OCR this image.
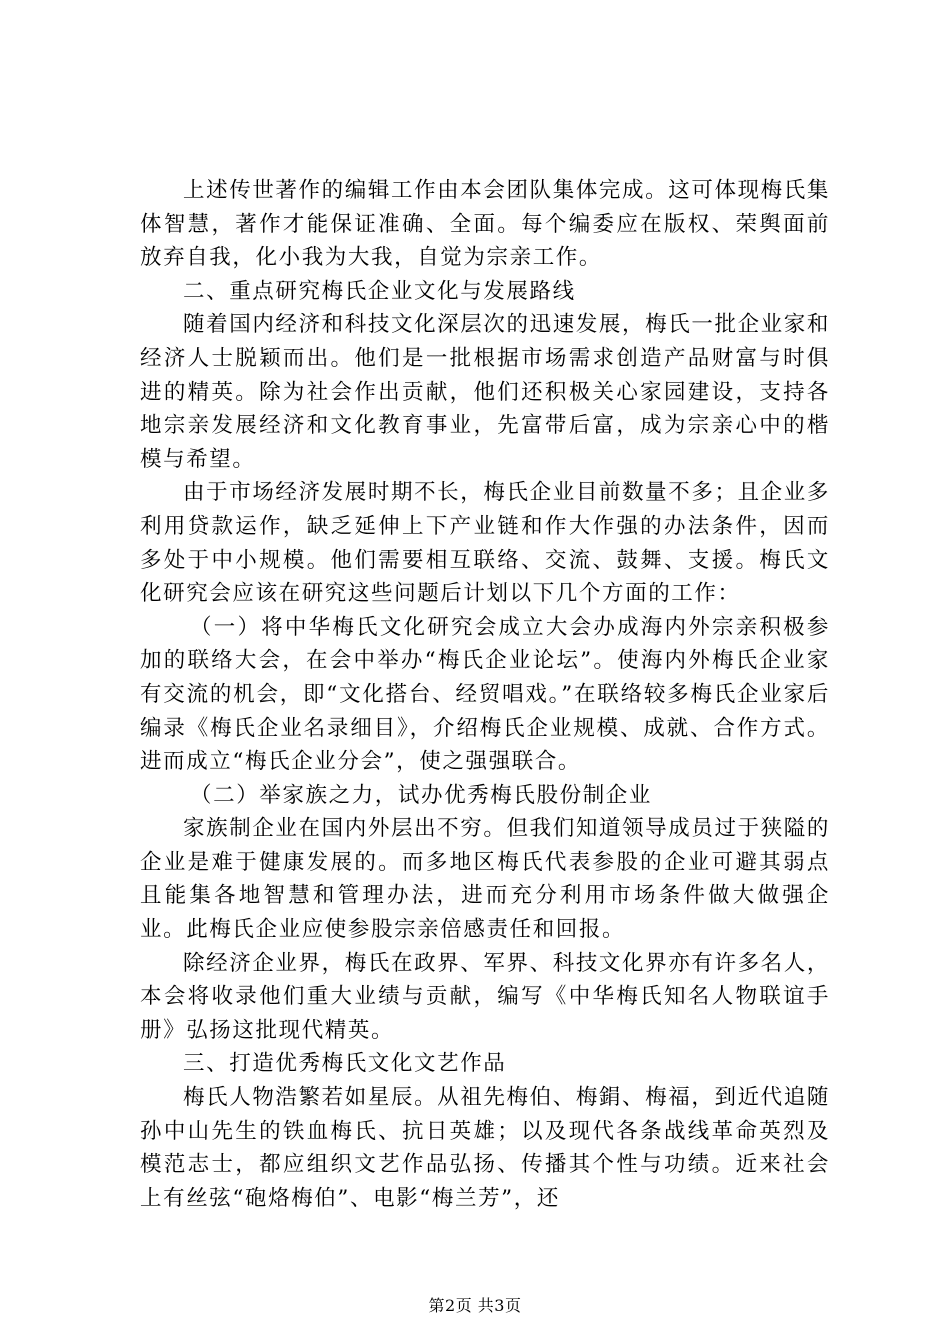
上述传世著作的编辑工作由本会团队集体完成。这可体现梅氏集体智慧，著作才能保证准确、全面。每个编委应在版权、荣舆面前放弃自我，化小我为大我，自觉为宗亲工作。

二、重点研究梅氏企业文化与发展路线

随着国内经济和科技文化深层次的迅速发展，梅氏一批企业家和经济人士脱颖而出。他们是一批根据市场需求创造产品财富与时俱进的精英。除为社会作出贡献，他们还积极关心家园建设，支持各地宗亲发展经济和文化教育事业，先富带后富，成为宗亲心中的楷模与希望。

由于市场经济发展时期不长，梅氏企业目前数量不多；且企业多利用贷款运作，缺乏延伸上下产业链和作大作强的办法条件，因而多处于中小规模。他们需要相互联络、交流、鼓舞、支援。梅氏文化研究会应该在研究这些问题后计划以下几个方面的工作：

（一）将中华梅氏文化研究会成立大会办成海内外宗亲积极参加的联络大会，在会中举办“梅氏企业论坛”。使海内外梅氏企业家有交流的机会，即“文化搭台、经贸唱戏。”在联络较多梅氏企业家后编录《梅氏企业名录细目》，介绍梅氏企业规模、成就、合作方式。进而成立“梅氏企业分会”，使之强强联合。

（二）举家族之力，试办优秀梅氏股份制企业

家族制企业在国内外层出不穷。但我们知道领导成员过于狭隘的企业是难于健康发展的。而多地区梅氏代表参股的企业可避其弱点且能集各地智慧和管理办法，进而充分利用市场条件做大做强企业。此梅氏企业应使参股宗亲倍感责任和回报。

除经济企业界，梅氏在政界、军界、科技文化界亦有许多名人，本会将收录他们重大业绩与贡献，编写《中华梅氏知名人物联谊手册》弘扬这批现代精英。

三、打造优秀梅氏文化文艺作品

梅氏人物浩繁若如星辰。从祖先梅伯、梅鋗、梅福，到近代追随孙中山先生的铁血梅氏、抗日英雄；以及现代各条战线革命英烈及模范志士，都应组织文艺作品弘扬、传播其个性与功绩。近来社会上有丝弦“砲烙梅伯”、电影“梅兰芳”，还

第2页 共3页
